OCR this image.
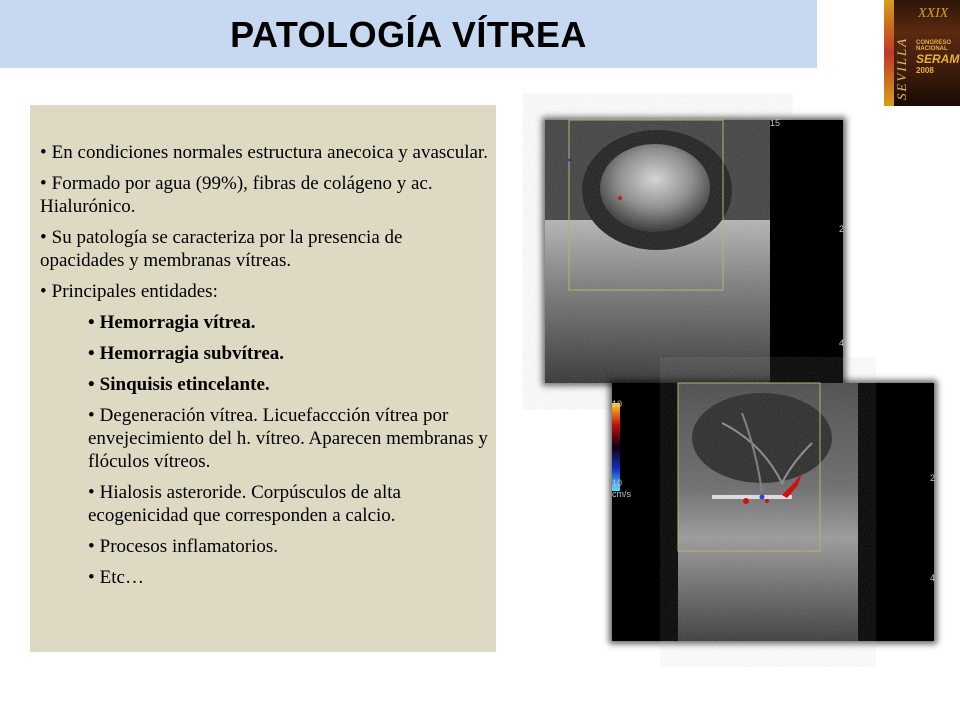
PATOLOGÍA VÍTREA
SEVILLA
XXIX
CONGRESO
NACIONAL
SERAM
2008
• En condiciones normales estructura anecoica y avascular.
• Formado por agua (99%), fibras de colágeno y ac. Hialurónico.
• Su patología se caracteriza por la presencia de opacidades y membranas vítreas.
• Principales entidades:
• Hemorragia vítrea.
• Hemorragia subvítrea.
• Sinquisis etincelante.
• Degeneración vítrea. Licuefaccción vítrea por envejecimiento del h. vítreo. Aparecen membranas y flóculos vítreos.
• Hialosis asteroride. Corpúsculos de alta ecogenicidad que corresponden a calcio.
• Procesos inflamatorios.
• Etc…
15
2
4
10
10
cm/s
2
4
